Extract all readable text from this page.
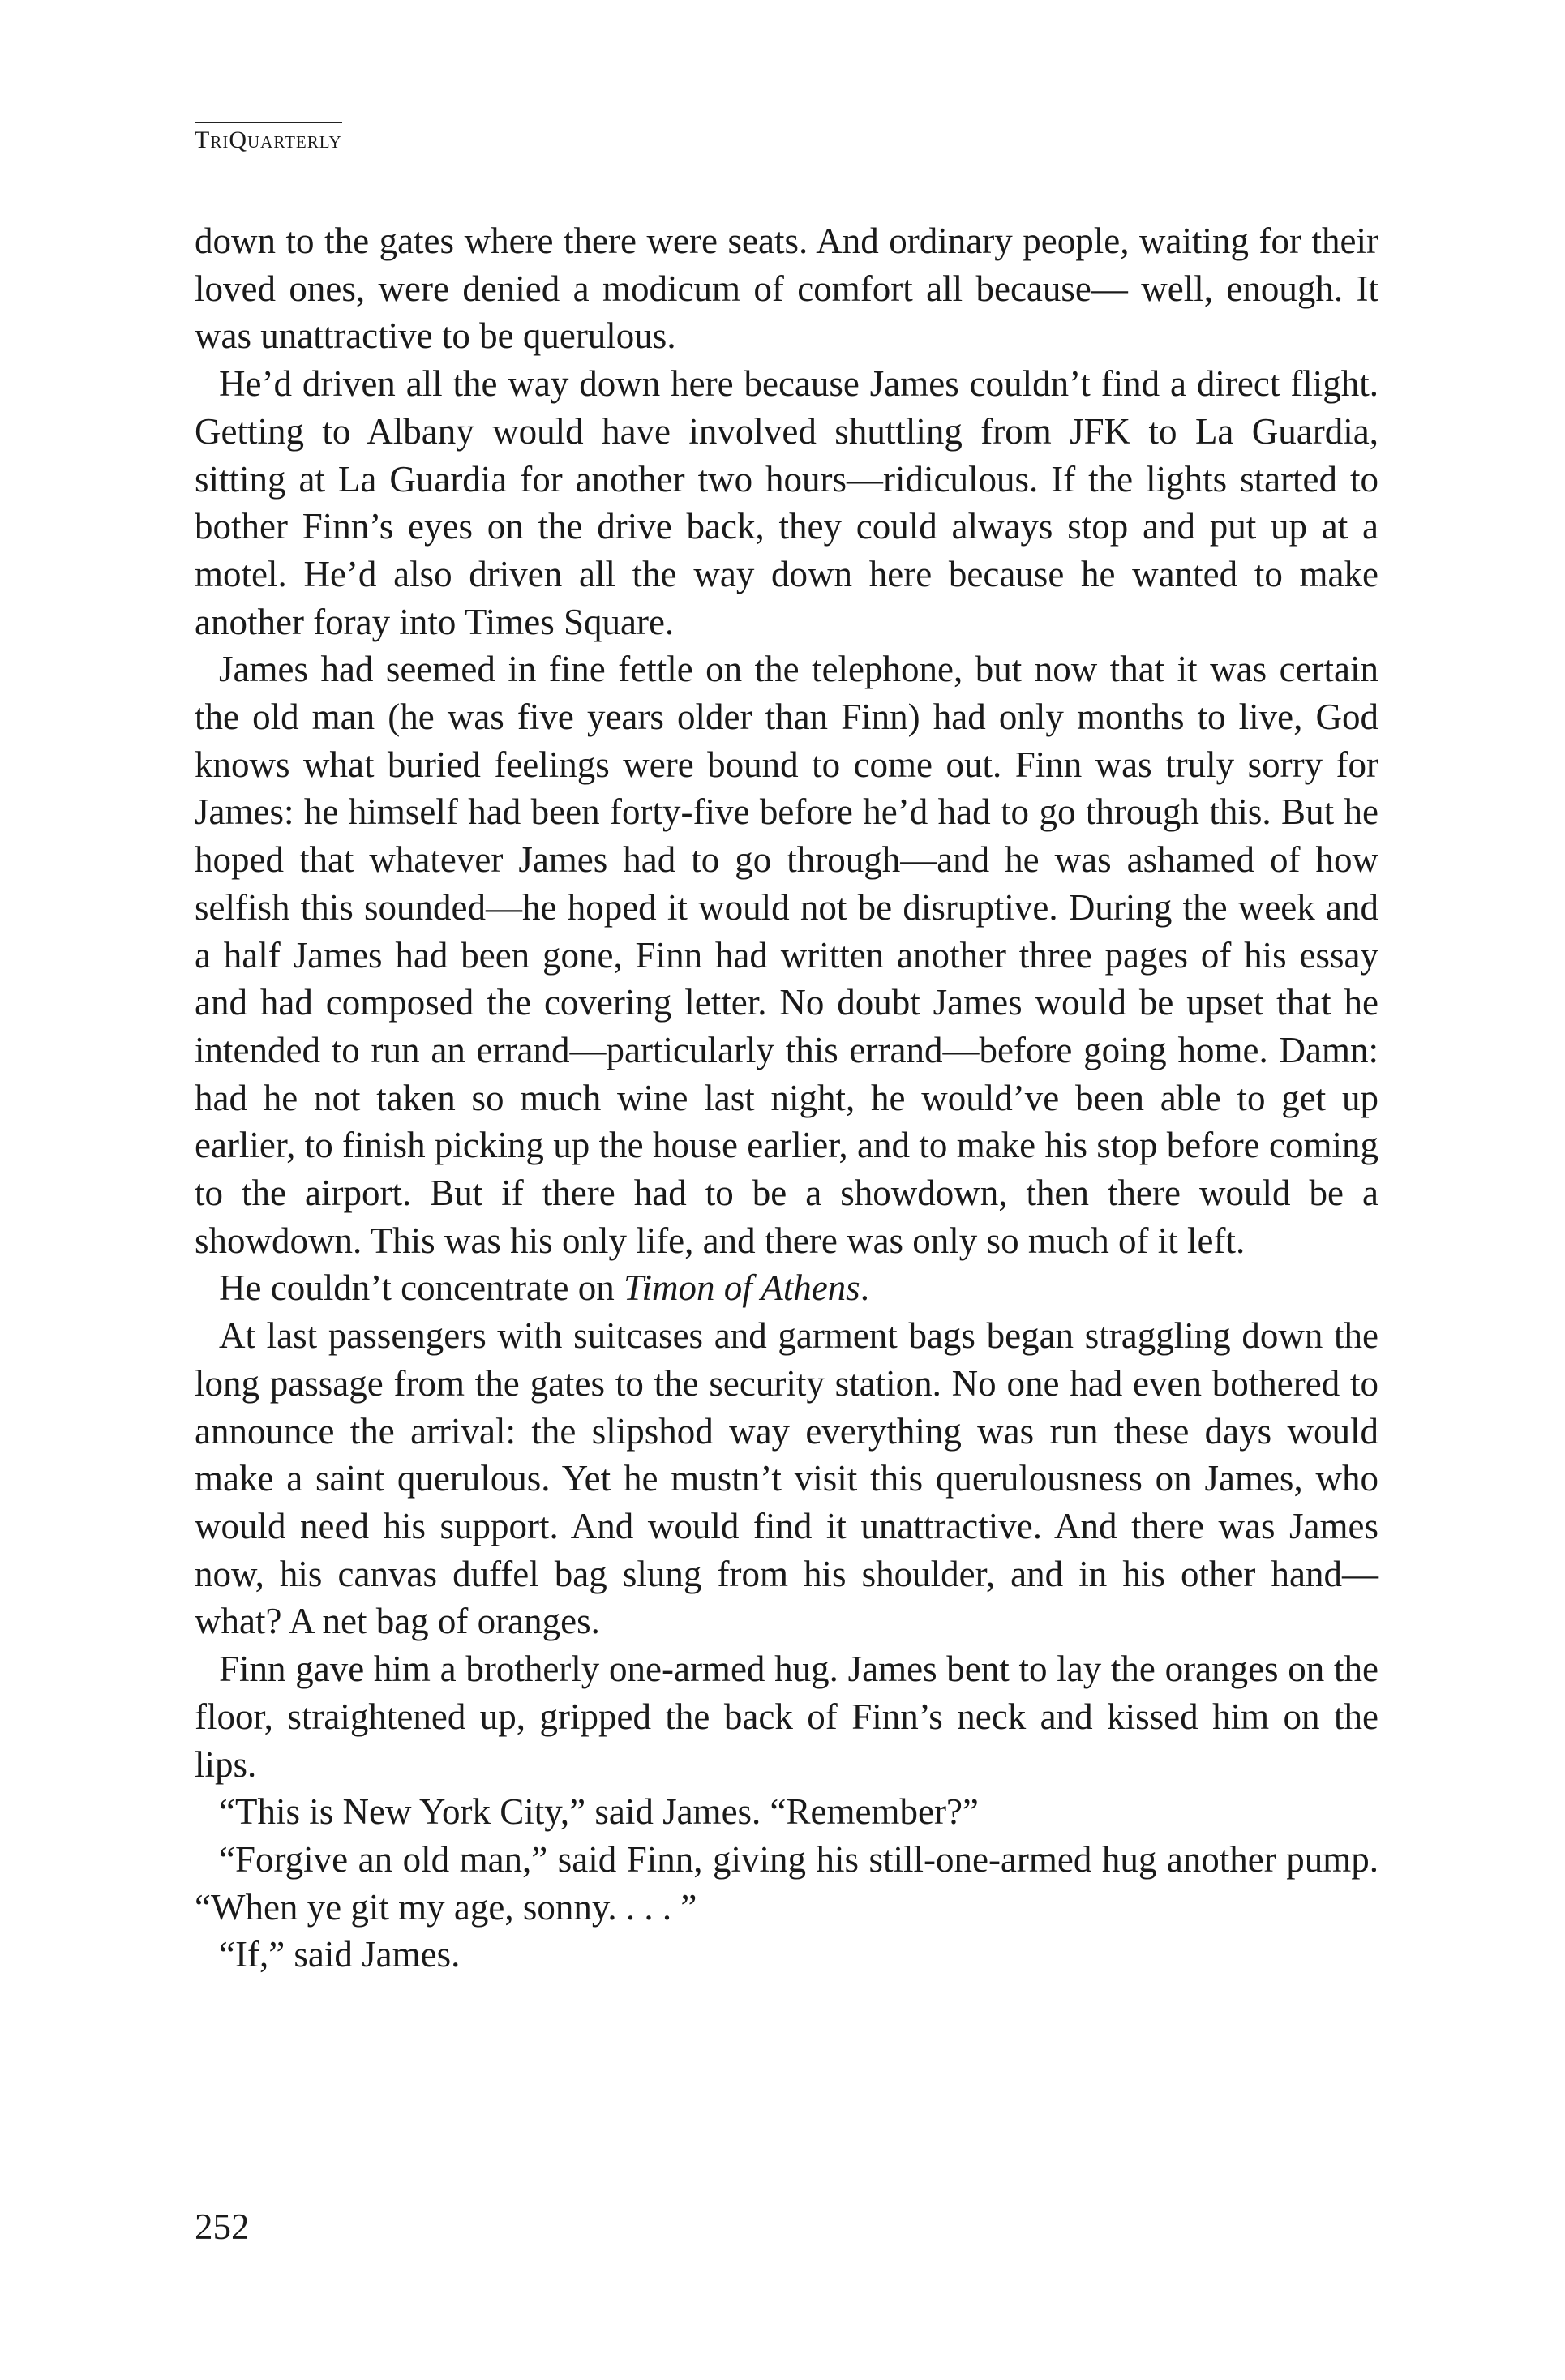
TriQuarterly

down to the gates where there were seats. And ordinary people, waiting for their loved ones, were denied a modicum of comfort all because— well, enough. It was unattractive to be querulous.

He’d driven all the way down here because James couldn’t find a direct flight. Getting to Albany would have involved shuttling from JFK to La Guardia, sitting at La Guardia for another two hours—ridiculous. If the lights started to bother Finn’s eyes on the drive back, they could always stop and put up at a motel. He’d also driven all the way down here because he wanted to make another foray into Times Square.

James had seemed in fine fettle on the telephone, but now that it was certain the old man (he was five years older than Finn) had only months to live, God knows what buried feelings were bound to come out. Finn was truly sorry for James: he himself had been forty-five before he’d had to go through this. But he hoped that whatever James had to go through—and he was ashamed of how selfish this sounded—he hoped it would not be disruptive. During the week and a half James had been gone, Finn had written another three pages of his essay and had composed the covering letter. No doubt James would be upset that he intended to run an errand—particularly this errand—before going home. Damn: had he not taken so much wine last night, he would’ve been able to get up earlier, to finish picking up the house earlier, and to make his stop before coming to the airport. But if there had to be a showdown, then there would be a showdown. This was his only life, and there was only so much of it left.

He couldn’t concentrate on Timon of Athens.

At last passengers with suitcases and garment bags began straggling down the long passage from the gates to the security station. No one had even bothered to announce the arrival: the slipshod way everything was run these days would make a saint querulous. Yet he mustn’t visit this querulousness on James, who would need his support. And would find it unattractive. And there was James now, his canvas duffel bag slung from his shoulder, and in his other hand—what? A net bag of oranges.

Finn gave him a brotherly one-armed hug. James bent to lay the oranges on the floor, straightened up, gripped the back of Finn’s neck and kissed him on the lips.

“This is New York City,” said James. “Remember?”

“Forgive an old man,” said Finn, giving his still-one-armed hug another pump. “When ye git my age, sonny. . . . ”

“If,” said James.

252
